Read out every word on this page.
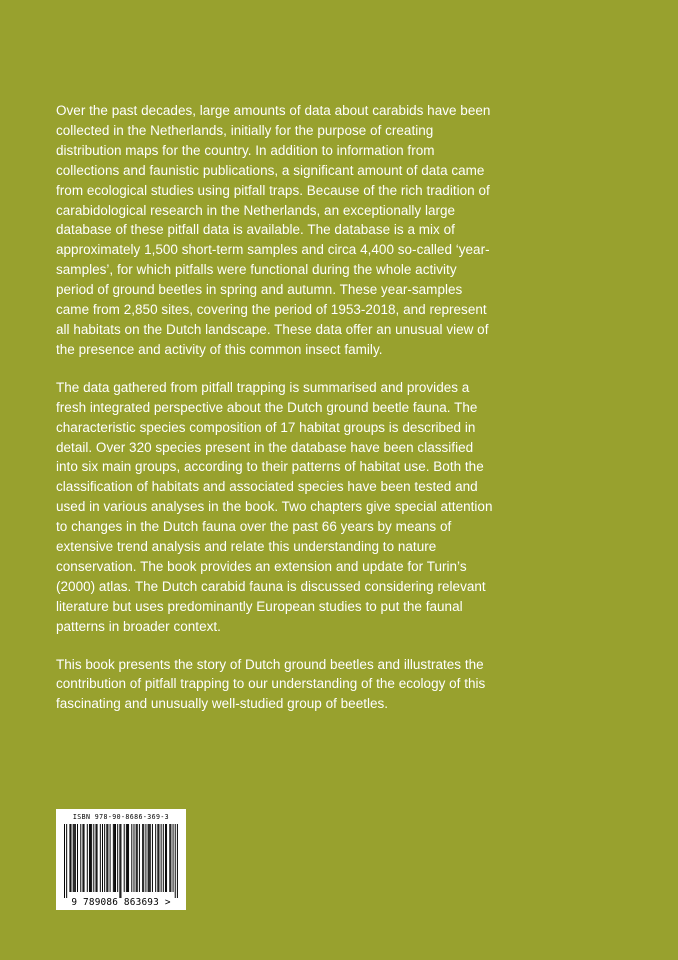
Over the past decades, large amounts of data about carabids have been collected in the Netherlands, initially for the purpose of creating distribution maps for the country. In addition to information from collections and faunistic publications, a significant amount of data came from ecological studies using pitfall traps. Because of the rich tradition of carabidological research in the Netherlands, an exceptionally large database of these pitfall data is available. The database is a mix of approximately 1,500 short-term samples and circa 4,400 so-called ‘year-samples’, for which pitfalls were functional during the whole activity period of ground beetles in spring and autumn. These year-samples came from 2,850 sites, covering the period of 1953-2018, and represent all habitats on the Dutch landscape. These data offer an unusual view of the presence and activity of this common insect family.

The data gathered from pitfall trapping is summarised and provides a fresh integrated perspective about the Dutch ground beetle fauna. The characteristic species composition of 17 habitat groups is described in detail. Over 320 species present in the database have been classified into six main groups, according to their patterns of habitat use. Both the classification of habitats and associated species have been tested and used in various analyses in the book. Two chapters give special attention to changes in the Dutch fauna over the past 66 years by means of extensive trend analysis and relate this understanding to nature conservation. The book provides an extension and update for Turin’s (2000) atlas. The Dutch carabid fauna is discussed considering relevant literature but uses predominantly European studies to put the faunal patterns in broader context.

This book presents the story of Dutch ground beetles and illustrates the contribution of pitfall trapping to our understanding of the ecology of this fascinating and unusually well-studied group of beetles.

ISBN 978-90-8686-369-3
9 789086 863693 >
